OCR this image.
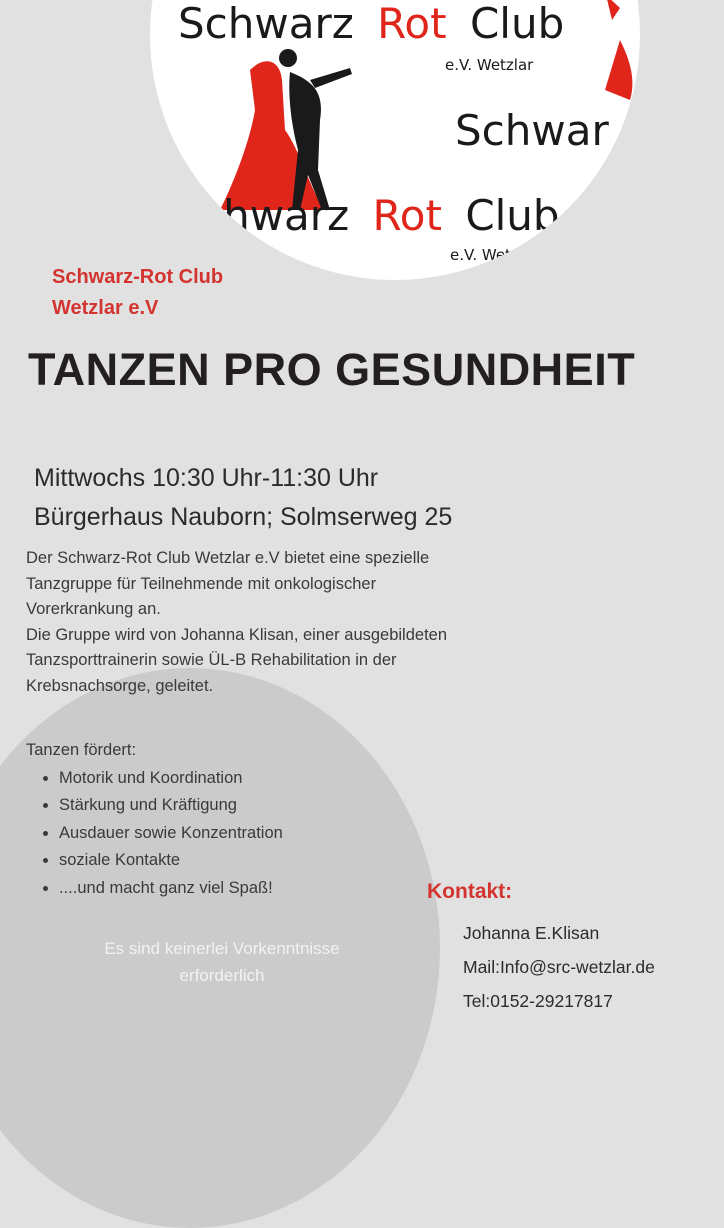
Schwarz Rot Club
e.V. Wetzlar
Schwar
chwarz Rot Club
e.V. Wetzlar
Schwarz-Rot Club
Wetzlar e.V
TANZEN PRO GESUNDHEIT
Mittwochs 10:30 Uhr-11:30 Uhr
Bürgerhaus Nauborn; Solmserweg 25

Der Schwarz-Rot Club Wetzlar e.V bietet eine spezielle

Tanzgruppe für Teilnehmende mit onkologischer

Vorerkrankung an.

Die Gruppe wird von Johanna Klisan, einer ausgebildeten

Tanzsporttrainerin sowie ÜL-B Rehabilitation in der

Krebsnachsorge, geleitet.

Tanzen fördert:
• Motorik und Koordination
• Stärkung und Kräftigung
• Ausdauer sowie Konzentration
• soziale Kontakte
• ....und macht ganz viel Spaß!
Es sind keinerlei Vorkenntnisse
erforderlich
Kontakt:
Johanna E.Klisan
Mail:Info@src-wetzlar.de
Tel:0152-29217817
